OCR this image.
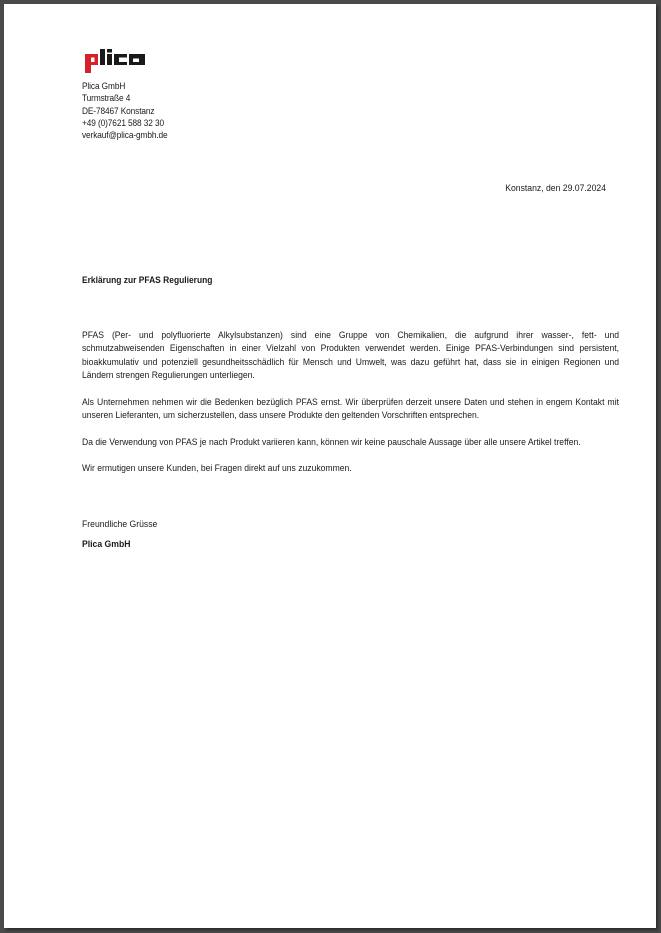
Plica GmbH
Turmstraße 4
DE-78467 Konstanz
+49 (0)7621 588 32 30
verkauf@plica-gmbh.de
Konstanz, den 29.07.2024
Erklärung zur PFAS Regulierung

PFAS (Per- und polyfluorierte Alkylsubstanzen) sind eine Gruppe von Chemikalien, die aufgrund ihrer wasser-, fett- und schmutzabweisenden Eigenschaften in einer Vielzahl von Produkten verwendet werden. Einige PFAS-Verbindungen sind persistent, bioakkumulativ und potenziell gesundheitsschädlich für Mensch und Umwelt, was dazu geführt hat, dass sie in einigen Regionen und Ländern strengen Regulierungen unterliegen.

Als Unternehmen nehmen wir die Bedenken bezüglich PFAS ernst. Wir überprüfen derzeit unsere Daten und stehen in engem Kontakt mit unseren Lieferanten, um sicherzustellen, dass unsere Produkte den geltenden Vorschriften entsprechen.

Da die Verwendung von PFAS je nach Produkt variieren kann, können wir keine pauschale Aussage über alle unsere Artikel treffen.

Wir ermutigen unsere Kunden, bei Fragen direkt auf uns zuzukommen.

Freundliche Grüsse
Plica GmbH
